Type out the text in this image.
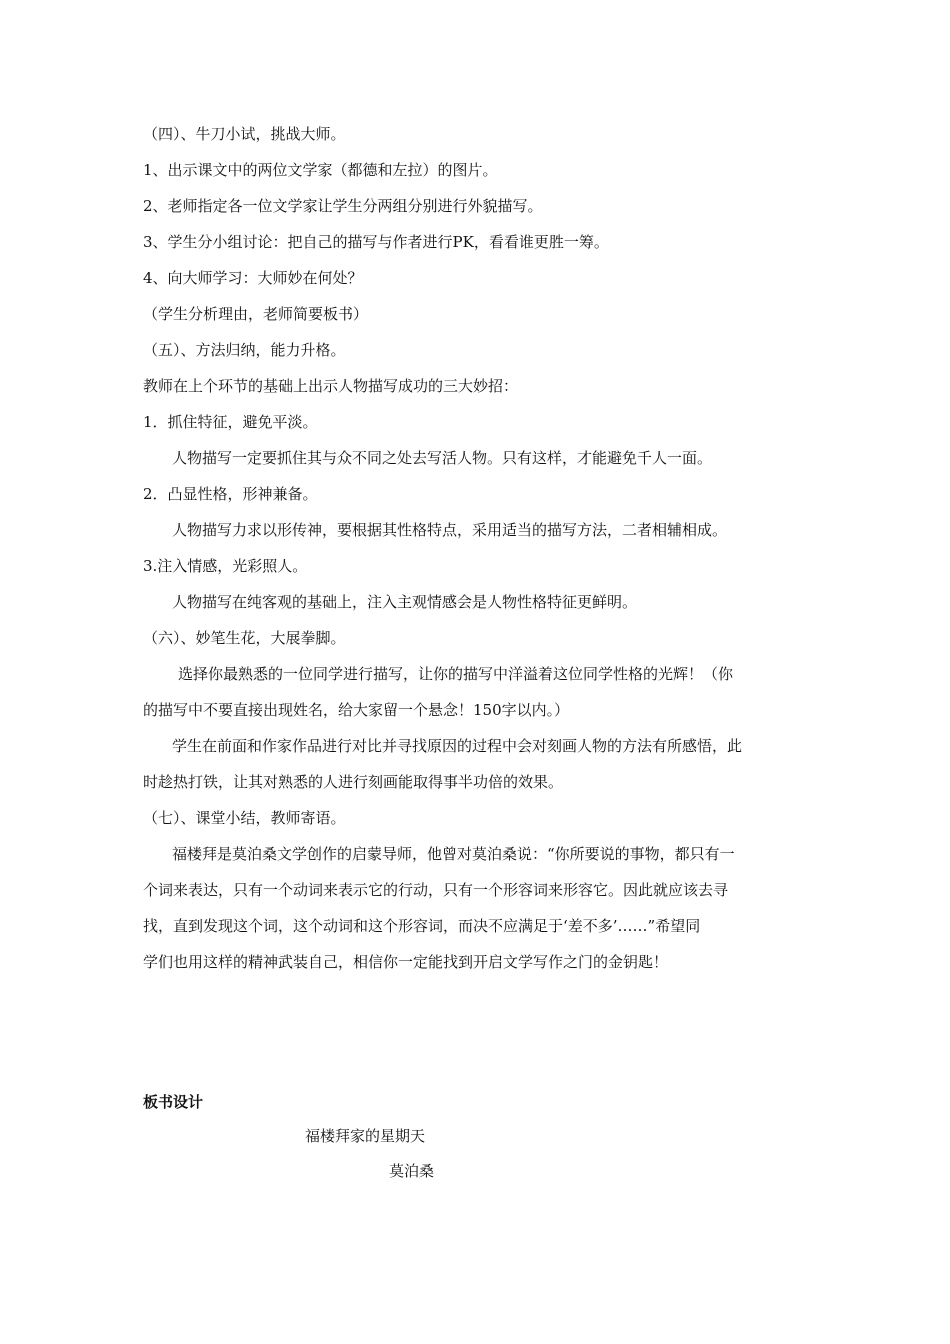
（四）、牛刀小试，挑战大师。
1、出示课文中的两位文学家（都德和左拉）的图片。
2、老师指定各一位文学家让学生分两组分别进行外貌描写。
3、学生分小组讨论：把自己的描写与作者进行PK，看看谁更胜一筹。
4、向大师学习：大师妙在何处？
（学生分析理由，老师简要板书）
（五）、方法归纳，能力升格。
教师在上个环节的基础上出示人物描写成功的三大妙招：
1．抓住特征，避免平淡。
人物描写一定要抓住其与众不同之处去写活人物。只有这样，才能避免千人一面。
2．凸显性格，形神兼备。
人物描写力求以形传神，要根据其性格特点，采用适当的描写方法，二者相辅相成。
3.注入情感，光彩照人。
人物描写在纯客观的基础上，注入主观情感会是人物性格特征更鲜明。
（六）、妙笔生花，大展拳脚。
选择你最熟悉的一位同学进行描写，让你的描写中洋溢着这位同学性格的光辉！（你
的描写中不要直接出现姓名，给大家留一个悬念！150字以内。）
学生在前面和作家作品进行对比并寻找原因的过程中会对刻画人物的方法有所感悟，此
时趁热打铁，让其对熟悉的人进行刻画能取得事半功倍的效果。
（七）、课堂小结，教师寄语。
福楼拜是莫泊桑文学创作的启蒙导师，他曾对莫泊桑说：“你所要说的事物，都只有一
个词来表达，只有一个动词来表示它的行动，只有一个形容词来形容它。因此就应该去寻
找，直到发现这个词，这个动词和这个形容词，而决不应满足于‘差不多’……”希望同
学们也用这样的精神武装自己，相信你一定能找到开启文学写作之门的金钥匙！
板书设计
福楼拜家的星期天
莫泊桑
